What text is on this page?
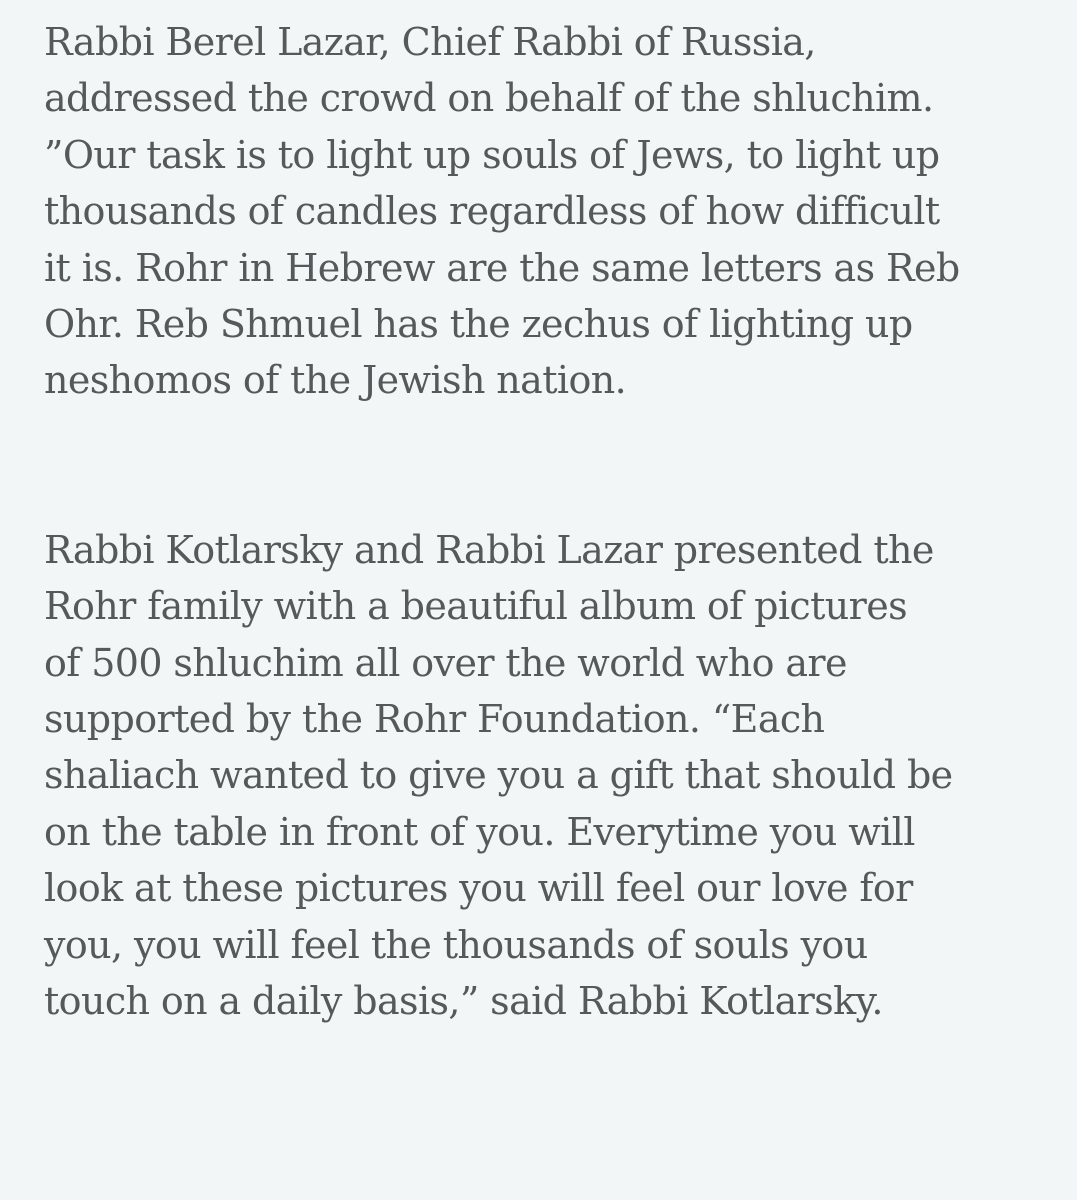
Rabbi Berel Lazar, Chief Rabbi of Russia,
addressed the crowd on behalf of the shluchim.
”Our task is to light up souls of Jews, to light up
thousands of candles regardless of how difficult
it is. Rohr in Hebrew are the same letters as Reb
Ohr. Reb Shmuel has the zechus of lighting up
neshomos of the Jewish nation.

Rabbi Kotlarsky and Rabbi Lazar presented the
Rohr family with a beautiful album of pictures
of 500 shluchim all over the world who are
supported by the Rohr Foundation. “Each
shaliach wanted to give you a gift that should be
on the table in front of you. Everytime you will
look at these pictures you will feel our love for
you, you will feel the thousands of souls you
touch on a daily basis,” said Rabbi Kotlarsky.
